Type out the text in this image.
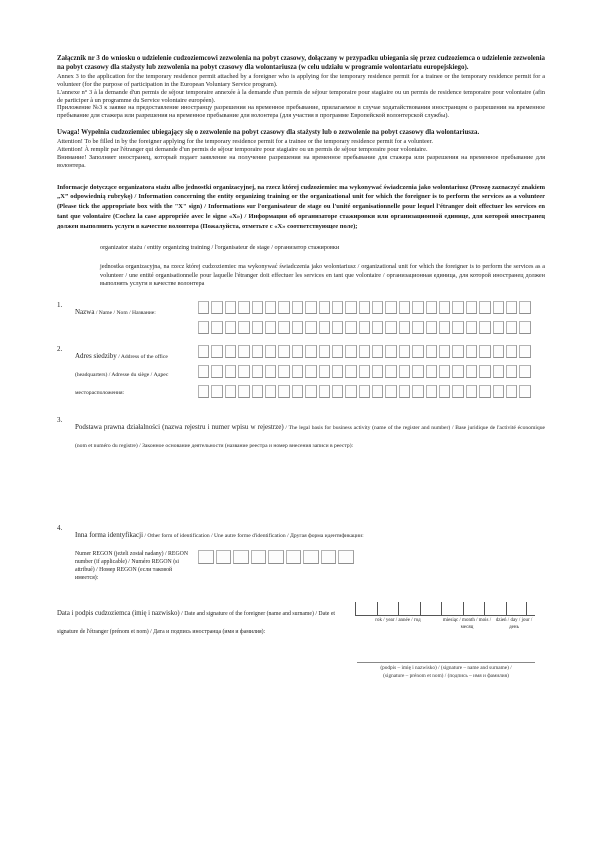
Załącznik nr 3 do wniosku o udzielenie cudzoziemcowi zezwolenia na pobyt czasowy, dołączany w przypadku ubiegania się przez cudzoziemca o udzielenie zezwolenia na pobyt czasowy dla stażysty lub zezwolenia na pobyt czasowy dla wolontariusza (w celu udziału w programie wolontariatu europejskiego).

Annex 3 to the application for the temporary residence permit attached by a foreigner who is applying for the temporary residence permit for a trainee or the temporary residence permit for a volunteer (for the purpose of participation in the European Voluntary Service program).

L'annexe n° 3 à la demande d'un permis de séjour temporaire annexée à la demande d'un permis de séjour temporaire pour stagiaire ou un permis de residence temporaire pour volontaire (afin de participer à un programme du Service volontaire européen).

Приложение №3 к заявке на предоставление иностранцу разрешения на временное пребывание, прилагаемое в случае ходатайствования иностранцем о разрешении на временное пребывание для стажера или разрешения на временное пребывание для волонтера (для участия в программе Европейской волонтерской службы).

Uwaga! Wypełnia cudzoziemiec ubiegający się o zezwolenie na pobyt czasowy dla stażysty lub o zezwolenie na pobyt czasowy dla wolontariusza.

Attention! To be filled in by the foreigner applying for the temporary residence permit for a trainee or the temporary residence permit for a volunteer.

Attention! À remplir par l'étranger qui demande d'un permis de séjour temporaire pour stagiaire ou un permis de séjour temporaire pour volontaire.

Внимание! Заполняет иностранец, который подает заявление на получение разрешения на временное пребывание для стажера или разрешения на временное пребывание для волонтера.

Informacje dotyczące organizatora stażu albo jednostki organizacyjnej, na rzecz której cudzoziemiec ma wykonywać świadczenia jako wolontariusz (Proszę zaznaczyć znakiem „X” odpowiednią rubrykę) / Information concerning the entity organizing training or the organizational unit for which the foreigner is to perform the services as a volunteer (Please tick the appropriate box with the "X" sign) / Informations sur l'organisateur de stage ou l'unité organisationnelle pour lequel l'étranger doit effectuer les services en tant que volontaire (Cochez la case appropriée avec le signe «X») / Информация об организаторе стажировки или организационной единице, для которой иностранец должен выполнить услуги в качестве волонтера (Пожалуйста, отметьте с «X» соответствующее поле);

organizator stażu / entity organizing training / l'organisateur de stage / организатор стажировки
jednostka organizacyjna, na rzecz której cudzoziemiec ma wykonywać świadczenia jako wolontariusz / organizational unit for which the foreigner is to perform the services as a volunteer / une entité organisationnelle pour laquelle l'étranger doit effectuer les services en tant que volontaire / организационная единица, для которой иностранец должен выполнять услуги в качестве волонтера
1.
Nazwa / Name / Nom / Название:
2.
Adres siedziby / Address of the office (headquarters) / Adresse du siège / Адрес месторасположения:
3.
Podstawa prawna działalności (nazwa rejestru i numer wpisu w rejestrze) / The legal basis for business activity (name of the register and number) / Base juridique de l'activité économique (nom et numéro du registre) / Законное основание деятельности (название реестра и номер внесения записи в реестр):
4.
Inna forma identyfikacji / Other form of identification / Une autre forme d'identification / Другая форма идентификации:
Numer REGON (jeżeli został nadany) / REGON number (if applicable) / Numéro REGON (si attribué) / Номер REGON (если таковой имеется):
Data i podpis cudzoziemca (imię i nazwisko) / Date and signature of the foreigner (name and surname) / Date et signature de l'étranger (prénom et nom) / Дата и подпись иностранца (имя и фамилия):
rok / year / année / год	miesiąc / month / mois / месяц
dzień / day / jour / день
(podpis – imię i nazwisko) / (signature – name and surname) /
(signature – prénom et nom) / (подпись – имя и фамилия)
